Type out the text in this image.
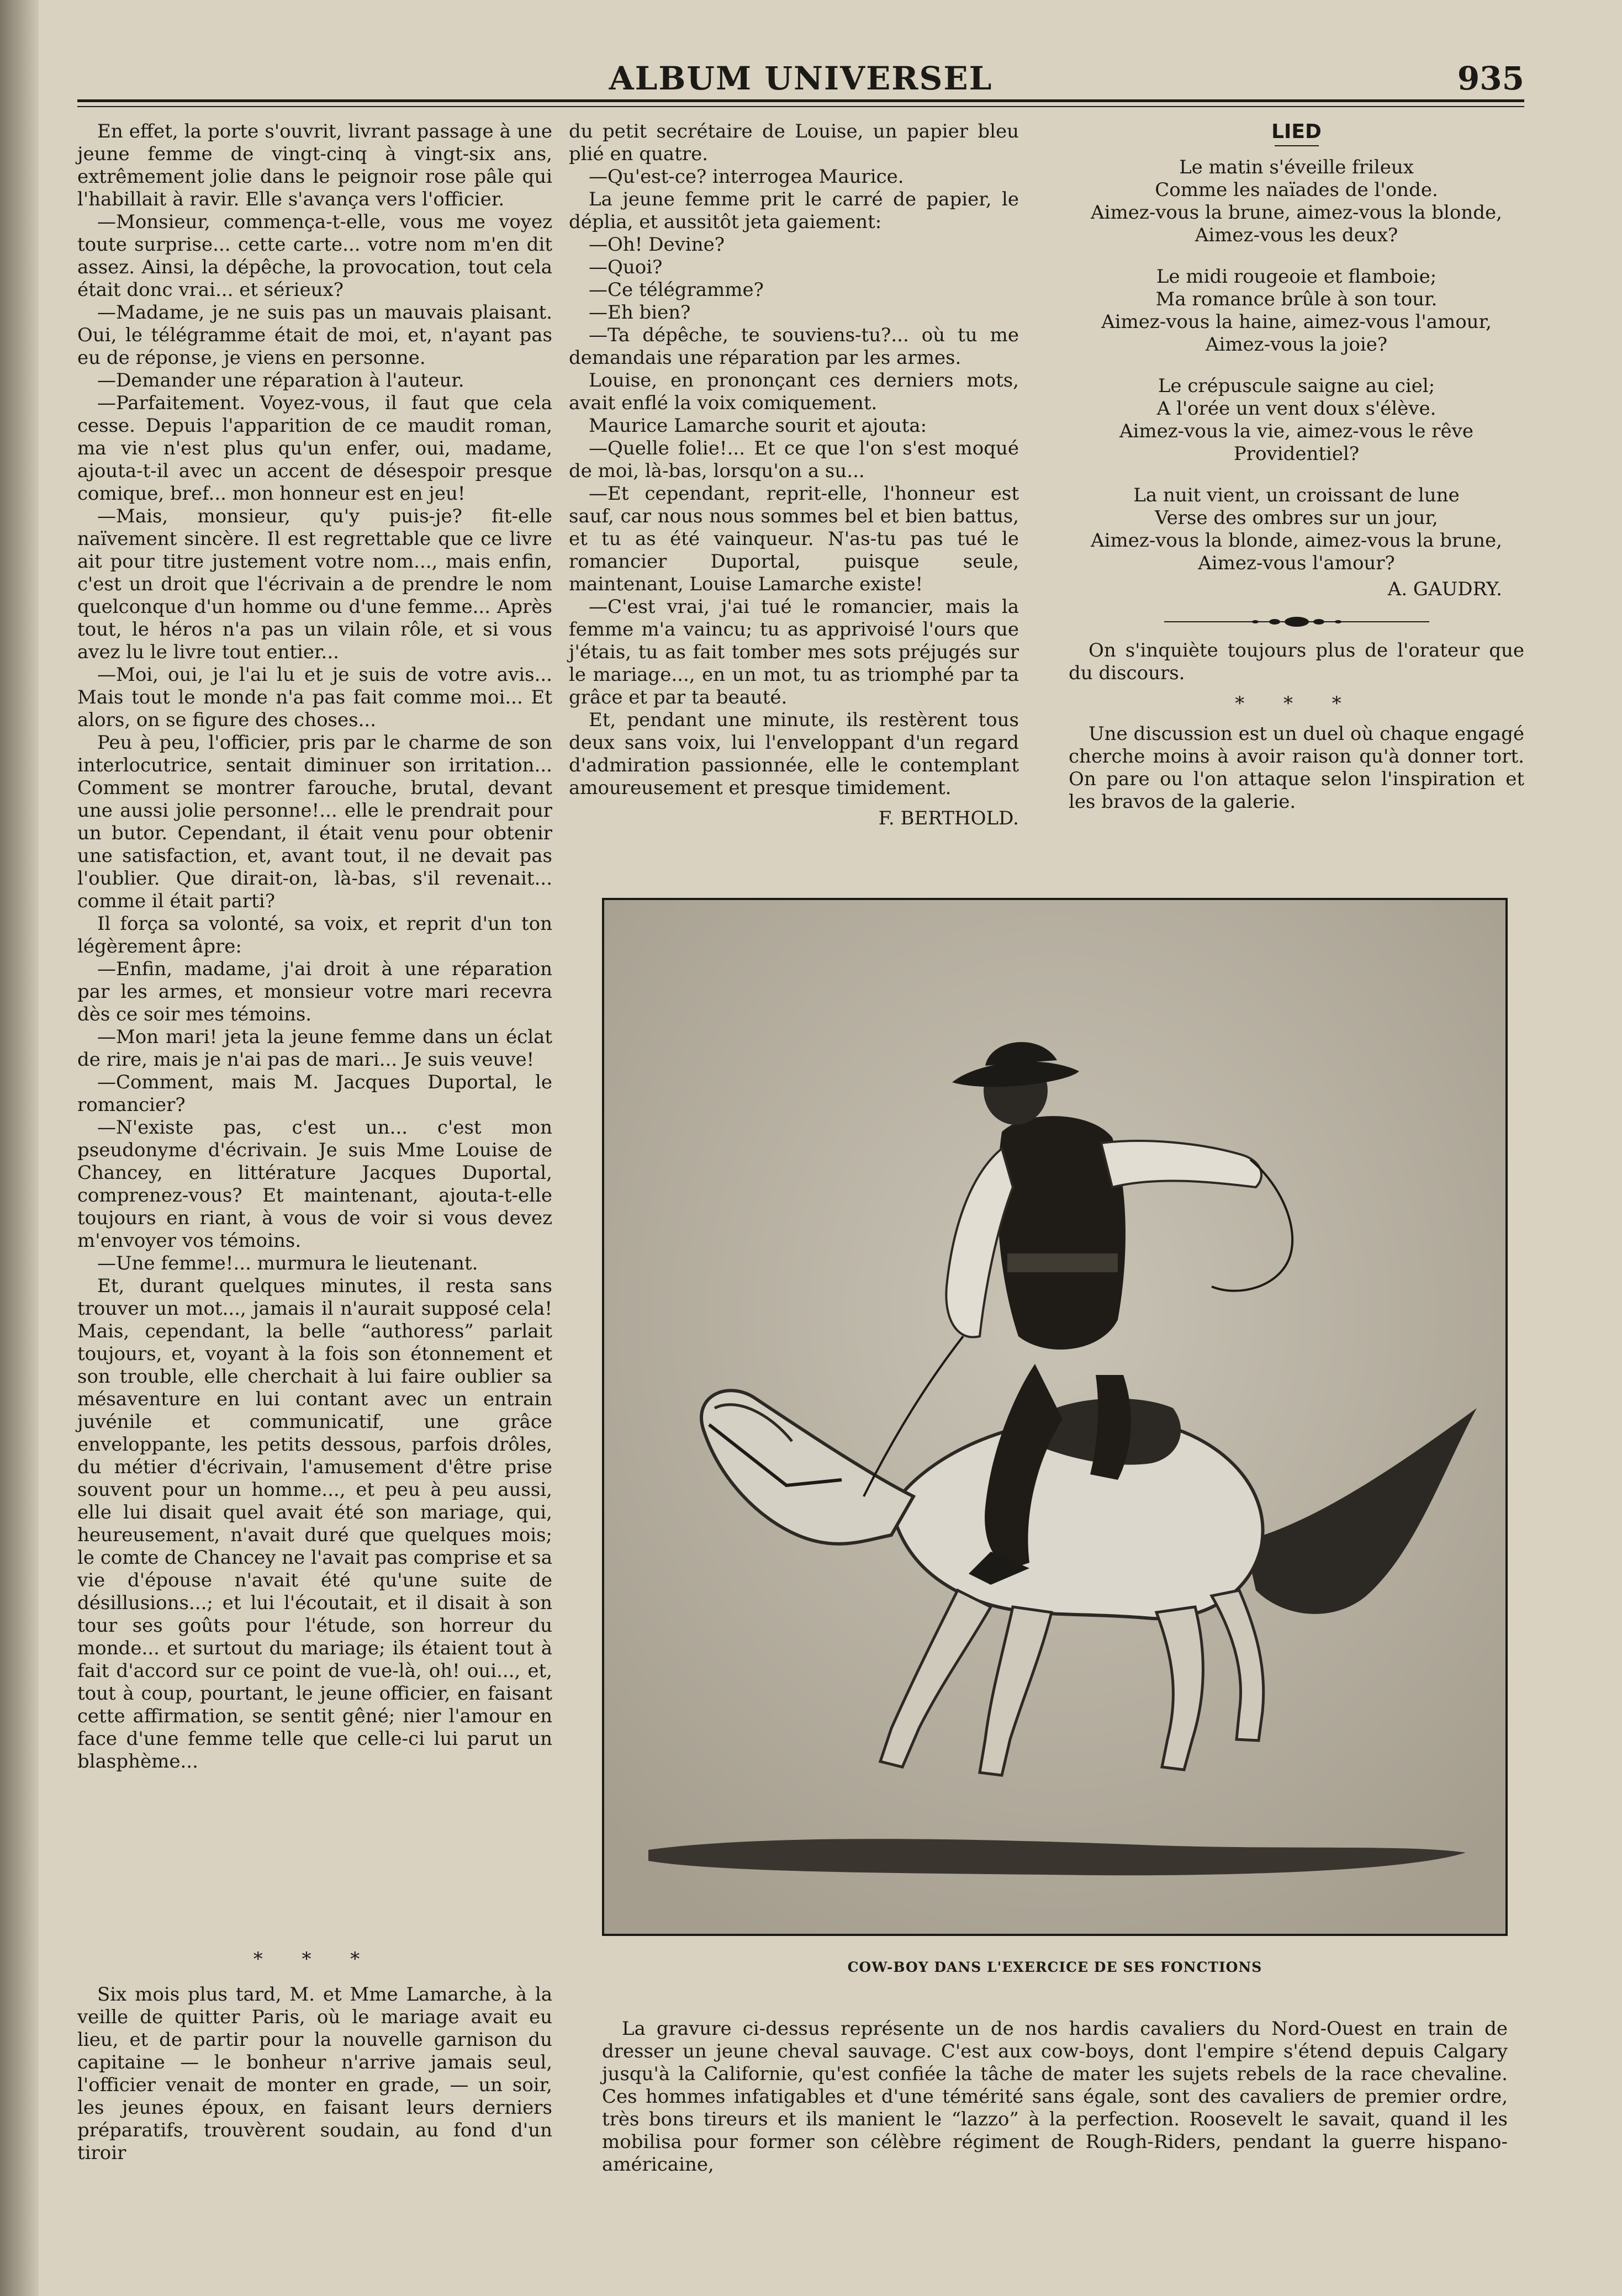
ALBUM UNIVERSEL	935

En effet, la porte s'ouvrit, livrant passage à une jeune femme de vingt-cinq à vingt-six ans, extrêmement jolie dans le peignoir rose pâle qui l'habillait à ravir. Elle s'avança vers l'officier.

—Monsieur, commença-t-elle, vous me voyez toute surprise... cette carte... votre nom m'en dit assez. Ainsi, la dépêche, la provocation, tout cela était donc vrai... et sérieux?

—Madame, je ne suis pas un mauvais plaisant. Oui, le télégramme était de moi, et, n'ayant pas eu de réponse, je viens en personne.

—Demander une réparation à l'auteur.

—Parfaitement. Voyez-vous, il faut que cela cesse. Depuis l'apparition de ce maudit roman, ma vie n'est plus qu'un enfer, oui, madame, ajouta-t-il avec un accent de désespoir presque comique, bref... mon honneur est en jeu!

—Mais, monsieur, qu'y puis-je? fit-elle naïvement sincère. Il est regrettable que ce livre ait pour titre justement votre nom..., mais enfin, c'est un droit que l'écrivain a de prendre le nom quelconque d'un homme ou d'une femme... Après tout, le héros n'a pas un vilain rôle, et si vous avez lu le livre tout entier...

—Moi, oui, je l'ai lu et je suis de votre avis... Mais tout le monde n'a pas fait comme moi... Et alors, on se figure des choses...

Peu à peu, l'officier, pris par le charme de son interlocutrice, sentait diminuer son irritation... Comment se montrer farouche, brutal, devant une aussi jolie personne!... elle le prendrait pour un butor. Cependant, il était venu pour obtenir une satisfaction, et, avant tout, il ne devait pas l'oublier. Que dirait-on, là-bas, s'il revenait... comme il était parti?

Il força sa volonté, sa voix, et reprit d'un ton légèrement âpre:

—Enfin, madame, j'ai droit à une réparation par les armes, et monsieur votre mari recevra dès ce soir mes témoins.

—Mon mari! jeta la jeune femme dans un éclat de rire, mais je n'ai pas de mari... Je suis veuve!

—Comment, mais M. Jacques Duportal, le romancier?

—N'existe pas, c'est un... c'est mon pseudonyme d'écrivain. Je suis Mme Louise de Chancey, en littérature Jacques Duportal, comprenez-vous? Et maintenant, ajouta-t-elle toujours en riant, à vous de voir si vous devez m'envoyer vos témoins.

—Une femme!... murmura le lieutenant.

Et, durant quelques minutes, il resta sans trouver un mot..., jamais il n'aurait supposé cela! Mais, cependant, la belle “authoress” parlait toujours, et, voyant à la fois son étonnement et son trouble, elle cherchait à lui faire oublier sa mésaventure en lui contant avec un entrain juvénile et communicatif, une grâce enveloppante, les petits dessous, parfois drôles, du métier d'écrivain, l'amusement d'être prise souvent pour un homme..., et peu à peu aussi, elle lui disait quel avait été son mariage, qui, heureusement, n'avait duré que quelques mois; le comte de Chancey ne l'avait pas comprise et sa vie d'épouse n'avait été qu'une suite de désillusions...; et lui l'écoutait, et il disait à son tour ses goûts pour l'étude, son horreur du monde... et surtout du mariage; ils étaient tout à fait d'accord sur ce point de vue-là, oh! oui..., et, tout à coup, pourtant, le jeune officier, en faisant cette affirmation, se sentit gêné; nier l'amour en face d'une femme telle que celle-ci lui parut un blasphème...

* * *

Six mois plus tard, M. et Mme Lamarche, à la veille de quitter Paris, où le mariage avait eu lieu, et de partir pour la nouvelle garnison du capitaine — le bonheur n'arrive jamais seul, l'officier venait de monter en grade, — un soir, les jeunes époux, en faisant leurs derniers préparatifs, trouvèrent soudain, au fond d'un tiroir

du petit secrétaire de Louise, un papier bleu plié en quatre.

—Qu'est-ce? interrogea Maurice.

La jeune femme prit le carré de papier, le déplia, et aussitôt jeta gaiement:

—Oh! Devine?

—Quoi?

—Ce télégramme?

—Eh bien?

—Ta dépêche, te souviens-tu?... où tu me demandais une réparation par les armes.

Louise, en prononçant ces derniers mots, avait enflé la voix comiquement.

Maurice Lamarche sourit et ajouta:

—Quelle folie!... Et ce que l'on s'est moqué de moi, là-bas, lorsqu'on a su...

—Et cependant, reprit-elle, l'honneur est sauf, car nous nous sommes bel et bien battus, et tu as été vainqueur. N'as-tu pas tué le romancier Duportal, puisque seule, maintenant, Louise Lamarche existe!

—C'est vrai, j'ai tué le romancier, mais la femme m'a vaincu; tu as apprivoisé l'ours que j'étais, tu as fait tomber mes sots préjugés sur le mariage..., en un mot, tu as triomphé par ta grâce et par ta beauté.

Et, pendant une minute, ils restèrent tous deux sans voix, lui l'enveloppant d'un regard d'admiration passionnée, elle le contemplant amoureusement et presque timidement.

F. BERTHOLD.

LIED
Le matin s'éveille frileux
Comme les naïades de l'onde.
Aimez-vous la brune, aimez-vous la blonde,
Aimez-vous les deux?
Le midi rougeoie et flamboie;
Ma romance brûle à son tour.
Aimez-vous la haine, aimez-vous l'amour,
Aimez-vous la joie?
Le crépuscule saigne au ciel;
A l'orée un vent doux s'élève.
Aimez-vous la vie, aimez-vous le rêve
Providentiel?
La nuit vient, un croissant de lune
Verse des ombres sur un jour,
Aimez-vous la blonde, aimez-vous la brune,
Aimez-vous l'amour?

A. GAUDRY.

On s'inquiète toujours plus de l'orateur que du discours.

* * *

Une discussion est un duel où chaque engagé cherche moins à avoir raison qu'à donner tort. On pare ou l'on attaque selon l'inspiration et les bravos de la galerie.

COW-BOY DANS L'EXERCICE DE SES FONCTIONS

La gravure ci-dessus représente un de nos hardis cavaliers du Nord-Ouest en train de dresser un jeune cheval sauvage. C'est aux cow-boys, dont l'empire s'étend depuis Calgary jusqu'à la Californie, qu'est confiée la tâche de mater les sujets rebels de la race chevaline. Ces hommes infatigables et d'une témérité sans égale, sont des cavaliers de premier ordre, très bons tireurs et ils manient le “lazzo” à la perfection. Roosevelt le savait, quand il les mobilisa pour former son célèbre régiment de Rough-Riders, pendant la guerre hispano-américaine,
